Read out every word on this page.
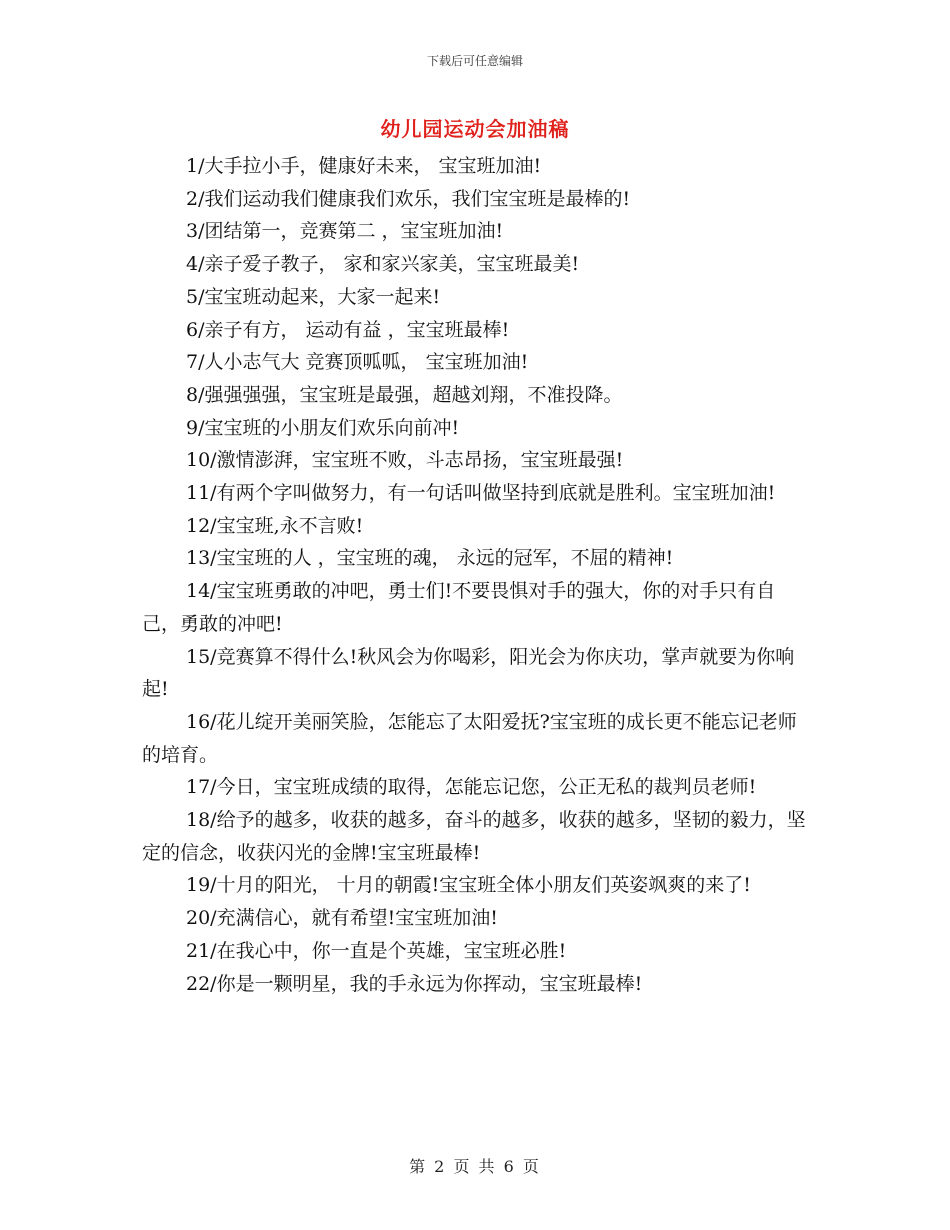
下载后可任意编辑
幼儿园运动会加油稿

1/大手拉小手，健康好未来， 宝宝班加油!

2/我们运动我们健康我们欢乐，我们宝宝班是最棒的!

3/团结第一，竞赛第二 ，宝宝班加油!

4/亲子爱子教子， 家和家兴家美，宝宝班最美!

5/宝宝班动起来，大家一起来!

6/亲子有方， 运动有益 ，宝宝班最棒!

7/人小志气大 竞赛顶呱呱， 宝宝班加油!

8/强强强强，宝宝班是最强，超越刘翔，不准投降。

9/宝宝班的小朋友们欢乐向前冲!

10/激情澎湃，宝宝班不败，斗志昂扬，宝宝班最强!

11/有两个字叫做努力，有一句话叫做坚持到底就是胜利。宝宝班加油!

12/宝宝班,永不言败!

13/宝宝班的人 ，宝宝班的魂， 永远的冠军，不屈的精神!

14/宝宝班勇敢的冲吧，勇士们!不要畏惧对手的强大，你的对手只有自己，勇敢的冲吧!

15/竞赛算不得什么!秋风会为你喝彩，阳光会为你庆功，掌声就要为你响起!

16/花儿绽开美丽笑脸，怎能忘了太阳爱抚?宝宝班的成长更不能忘记老师的培育。

17/今日，宝宝班成绩的取得，怎能忘记您，公正无私的裁判员老师!

18/给予的越多，收获的越多，奋斗的越多，收获的越多，坚韧的毅力，坚定的信念，收获闪光的金牌!宝宝班最棒!

19/十月的阳光， 十月的朝霞!宝宝班全体小朋友们英姿飒爽的来了!

20/充满信心，就有希望!宝宝班加油!

21/在我心中，你一直是个英雄，宝宝班必胜!

22/你是一颗明星，我的手永远为你挥动，宝宝班最棒!

第 2 页 共 6 页
